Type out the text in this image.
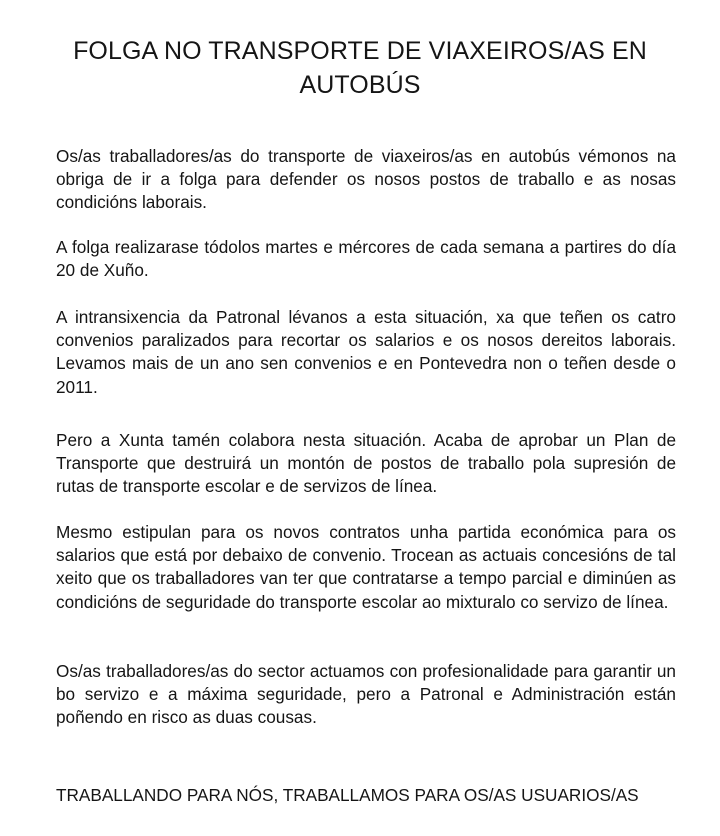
FOLGA NO TRANSPORTE DE VIAXEIROS/AS EN AUTOBÚS

Os/as traballadores/as do transporte de viaxeiros/as en autobús vémonos na obriga de ir a folga para defender os nosos postos de traballo e as nosas condicións laborais.

A folga realizarase tódolos martes e mércores de cada semana a partires do día 20 de Xuño.

A intransixencia da Patronal lévanos a esta situación, xa que teñen os catro convenios paralizados para recortar os salarios e os nosos dereitos laborais. Levamos mais de un ano sen convenios e en Pontevedra non o teñen desde o 2011.

Pero a Xunta tamén colabora nesta situación. Acaba de aprobar un Plan de Transporte que destruirá un montón de postos de traballo pola supresión de rutas de transporte escolar e de servizos de línea.

Mesmo estipulan para os novos contratos unha partida económica para os salarios que está por debaixo de convenio. Trocean as actuais concesións de tal xeito que os traballadores van ter que contratarse a tempo parcial e diminúen as condicións de seguridade do transporte escolar ao mixturalo co servizo de línea.

Os/as traballadores/as do sector actuamos con profesionalidade para garantir un bo servizo e a máxima seguridade, pero a Patronal e Administración están poñendo en risco as duas cousas.

TRABALLANDO PARA NÓS, TRABALLAMOS PARA OS/AS USUARIOS/AS
